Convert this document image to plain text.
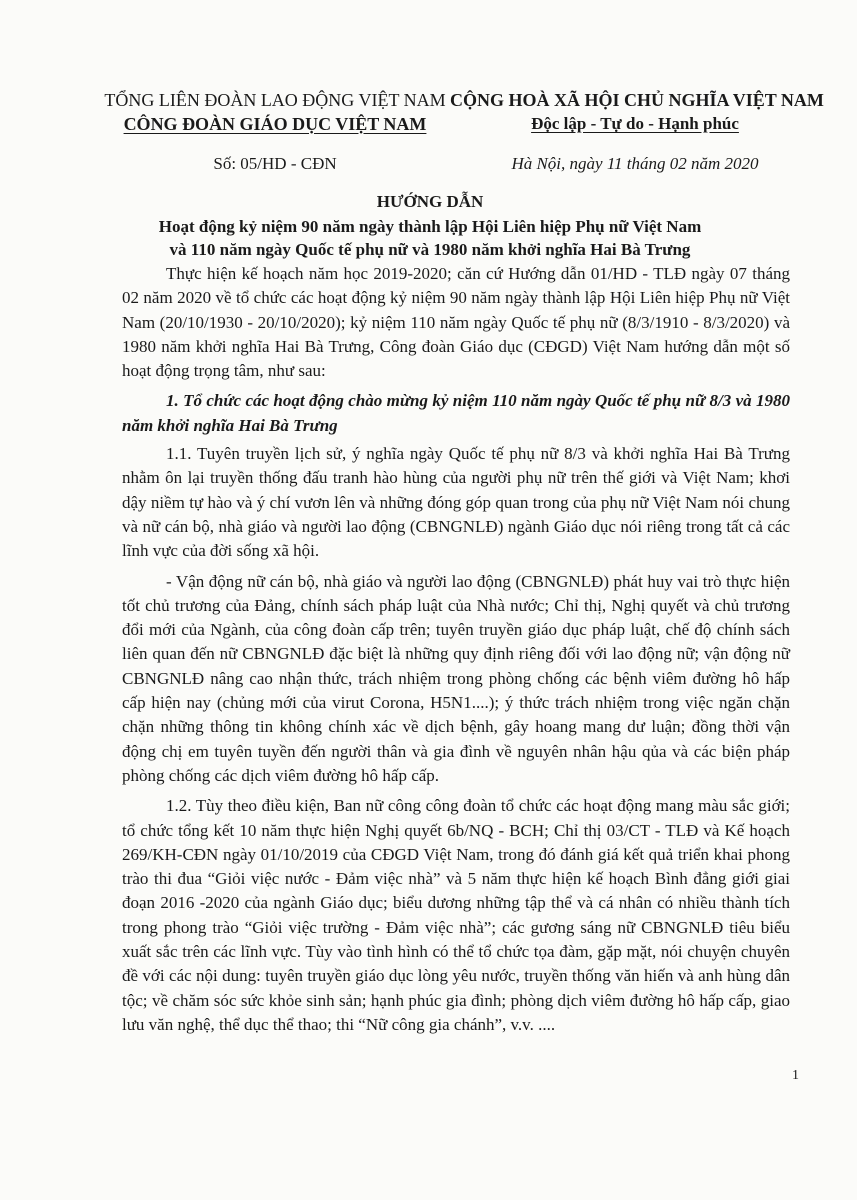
TỔNG LIÊN ĐOÀN LAO ĐỘNG VIỆT NAM
CÔNG ĐOÀN GIÁO DỤC VIỆT NAM
Số: 05/HD - CĐN
CỘNG HOÀ XÃ HỘI CHỦ NGHĨA VIỆT NAM
Độc lập - Tự do - Hạnh phúc
Hà Nội, ngày 11 tháng 02 năm 2020
HƯỚNG DẪN
Hoạt động kỷ niệm 90 năm ngày thành lập Hội Liên hiệp Phụ nữ Việt Nam
và 110 năm ngày Quốc tế phụ nữ và 1980 năm khởi nghĩa Hai Bà Trưng

Thực hiện kế hoạch năm học 2019-2020; căn cứ Hướng dẫn 01/HD - TLĐ ngày 07 tháng 02 năm 2020 về tổ chức các hoạt động kỷ niệm 90 năm ngày thành lập Hội Liên hiệp Phụ nữ Việt Nam (20/10/1930 - 20/10/2020); kỷ niệm 110 năm ngày Quốc tế phụ nữ (8/3/1910 - 8/3/2020) và 1980 năm khởi nghĩa Hai Bà Trưng, Công đoàn Giáo dục (CĐGD) Việt Nam hướng dẫn một số hoạt động trọng tâm, như sau:

1. Tổ chức các hoạt động chào mừng kỷ niệm 110 năm ngày Quốc tế phụ nữ 8/3 và 1980 năm khởi nghĩa Hai Bà Trưng

1.1. Tuyên truyền lịch sử, ý nghĩa ngày Quốc tế phụ nữ 8/3 và khởi nghĩa Hai Bà Trưng nhằm ôn lại truyền thống đấu tranh hào hùng của người phụ nữ trên thế giới và Việt Nam; khơi dậy niềm tự hào và ý chí vươn lên và những đóng góp quan trong của phụ nữ Việt Nam nói chung và nữ cán bộ, nhà giáo và người lao động (CBNGNLĐ) ngành Giáo dục nói riêng trong tất cả các lĩnh vực của đời sống xã hội.

- Vận động nữ cán bộ, nhà giáo và người lao động (CBNGNLĐ) phát huy vai trò thực hiện tốt chủ trương của Đảng, chính sách pháp luật của Nhà nước; Chỉ thị, Nghị quyết và chủ trương đổi mới của Ngành, của công đoàn cấp trên; tuyên truyền giáo dục pháp luật, chế độ chính sách liên quan đến nữ CBNGNLĐ đặc biệt là những quy định riêng đối với lao động nữ; vận động nữ CBNGNLĐ nâng cao nhận thức, trách nhiệm trong phòng chống các bệnh viêm đường hô hấp cấp hiện nay (chủng mới của virut Corona, H5N1....); ý thức trách nhiệm trong việc ngăn chặn chặn những thông tin không chính xác về dịch bệnh, gây hoang mang dư luận; đồng thời vận động chị em tuyên tuyền đến người thân và gia đình về nguyên nhân hậu qủa và các biện pháp phòng chống các dịch viêm đường hô hấp cấp.

1.2. Tùy theo điều kiện, Ban nữ công công đoàn tổ chức các hoạt động mang màu sắc giới; tổ chức tổng kết 10 năm thực hiện Nghị quyết 6b/NQ - BCH; Chỉ thị 03/CT - TLĐ và Kế hoạch 269/KH-CĐN ngày 01/10/2019 của CĐGD Việt Nam, trong đó đánh giá kết quả triển khai phong trào thi đua “Giỏi việc nước - Đảm việc nhà” và 5 năm thực hiện kế hoạch Bình đẳng giới giai đoạn 2016 -2020 của ngành Giáo dục; biểu dương những tập thể và cá nhân có nhiều thành tích trong phong trào “Giỏi việc trường - Đảm việc nhà”; các gương sáng nữ CBNGNLĐ tiêu biểu xuất sắc trên các lĩnh vực. Tùy vào tình hình có thể tổ chức tọa đàm, gặp mặt, nói chuyện chuyên đề với các nội dung: tuyên truyền giáo dục lòng yêu nước, truyền thống văn hiến và anh hùng dân tộc; về chăm sóc sức khỏe sinh sản; hạnh phúc gia đình; phòng dịch viêm đường hô hấp cấp, giao lưu văn nghệ, thể dục thể thao; thi “Nữ công gia chánh”, v.v. ....

1
